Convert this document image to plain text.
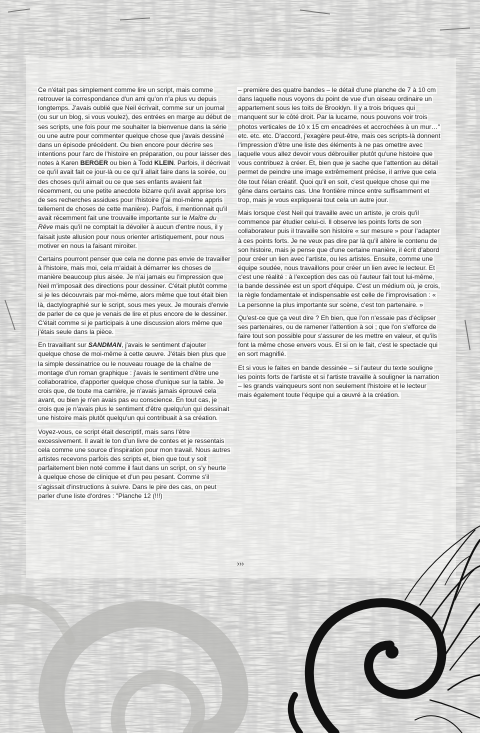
Ce n'était pas simplement comme lire un script, mais comme retrouver la correspondance d'un ami qu'on n'a plus vu depuis longtemps. J'avais oublié que Neil écrivait, comme sur un journal (ou sur un blog, si vous voulez), des entrées en marge au début de ses scripts, une fois pour me souhaiter la bienvenue dans la série ou une autre pour commenter quelque chose que j'avais dessiné dans un épisode précédent. Ou bien encore pour décrire ses intentions pour l'arc de l'histoire en préparation, ou pour laisser des notes à Karen BERGER ou bien à Todd KLEIN. Parfois, il décrivait ce qu'il avait fait ce jour-là ou ce qu'il allait faire dans la soirée, ou des choses qu'il aimait ou ce que ses enfants avaient fait récemment, ou une petite anecdote bizarre qu'il avait apprise lors de ses recherches assidues pour l'histoire (j'ai moi-même appris tellement de choses de cette manière). Parfois, il mentionnait qu'il avait récemment fait une trouvaille importante sur le Maître du Rêve mais qu'il ne comptait la dévoiler à aucun d'entre nous, il y faisait juste allusion pour nous orienter artistiquement, pour nous motiver en nous la faisant miroiter.

Certains pourront penser que cela ne donne pas envie de travailler à l'histoire, mais moi, cela m'aidait à démarrer les choses de manière beaucoup plus aisée. Je n'ai jamais eu l'impression que Neil m'imposait des directions pour dessiner. C'était plutôt comme si je les découvrais par moi-même, alors même que tout était bien là, dactylographié sur le script, sous mes yeux. Je mourais d'envie de parler de ce que je venais de lire et plus encore de le dessiner. C'était comme si je participais à une discussion alors même que j'étais seule dans la pièce.

En travaillant sur SANDMAN, j'avais le sentiment d'ajouter quelque chose de moi-même à cette œuvre. J'étais bien plus que la simple dessinatrice ou le nouveau rouage de la chaîne de montage d'un roman graphique : j'avais le sentiment d'être une collaboratrice, d'apporter quelque chose d'unique sur la table. Je crois que, de toute ma carrière, je n'avais jamais éprouvé cela avant, ou bien je n'en avais pas eu conscience. En tout cas, je crois que je n'avais plus le sentiment d'être quelqu'un qui dessinait une histoire mais plutôt quelqu'un qui contribuait à sa création.

Voyez-vous, ce script était descriptif, mais sans l'être excessivement. Il avait le ton d'un livre de contes et je ressentais cela comme une source d'inspiration pour mon travail. Nous autres artistes recevons parfois des scripts et, bien que tout y soit parfaitement bien noté comme il faut dans un script, on s'y heurte à quelque chose de clinique et d'un peu pesant. Comme s'il s'agissait d'instructions à suivre. Dans le pire des cas, on peut parler d'une liste d'ordres : "Planche 12 (!!!)

– première des quatre bandes – le détail d'une planche de 7 à 10 cm dans laquelle nous voyons du point de vue d'un oiseau ordinaire un appartement sous les toits de Brooklyn. Il y a trois briques qui manquent sur le côté droit. Par la lucarne, nous pouvons voir trois photos verticales de 10 x 15 cm encadrées et accrochées à un mur…" etc. etc. etc. D'accord, j'exagère peut-être, mais ces scripts-là donnent l'impression d'être une liste des éléments à ne pas omettre avec laquelle vous allez devoir vous débrouiller plutôt qu'une histoire que vous contribuez à créer. Et, bien que je sache que l'attention au détail permet de peindre une image extrêmement précise, il arrive que cela ôte tout l'élan créatif. Quoi qu'il en soit, c'est quelque chose qui me gêne dans certains cas. Une frontière mince entre suffisamment et trop, mais je vous expliquerai tout cela un autre jour.

Mais lorsque c'est Neil qui travaille avec un artiste, je crois qu'il commence par étudier celui-ci. Il observe les points forts de son collaborateur puis il travaille son histoire « sur mesure » pour l'adapter à ces points forts. Je ne veux pas dire par là qu'il altère le contenu de son histoire, mais je pense que d'une certaine manière, il écrit d'abord pour créer un lien avec l'artiste, ou les artistes. Ensuite, comme une équipe soudée, nous travaillons pour créer un lien avec le lecteur. Et c'est une réalité : à l'exception des cas où l'auteur fait tout lui-même, la bande dessinée est un sport d'équipe. C'est un médium où, je crois, la règle fondamentale et indispensable est celle de l'improvisation : « La personne la plus importante sur scène, c'est ton partenaire. »

Qu'est-ce que ça veut dire ? Eh bien, que l'on n'essaie pas d'éclipser ses partenaires, ou de ramener l'attention à soi ; que l'on s'efforce de faire tout son possible pour s'assurer de les mettre en valeur, et qu'ils font la même chose envers vous. Et si on le fait, c'est le spectacle qui en sort magnifié.

Et si vous le faites en bande dessinée – si l'auteur du texte souligne les points forts de l'artiste et si l'artiste travaille à souligner la narration – les grands vainqueurs sont non seulement l'histoire et le lecteur mais également toute l'équipe qui a œuvré à la création.

›››
